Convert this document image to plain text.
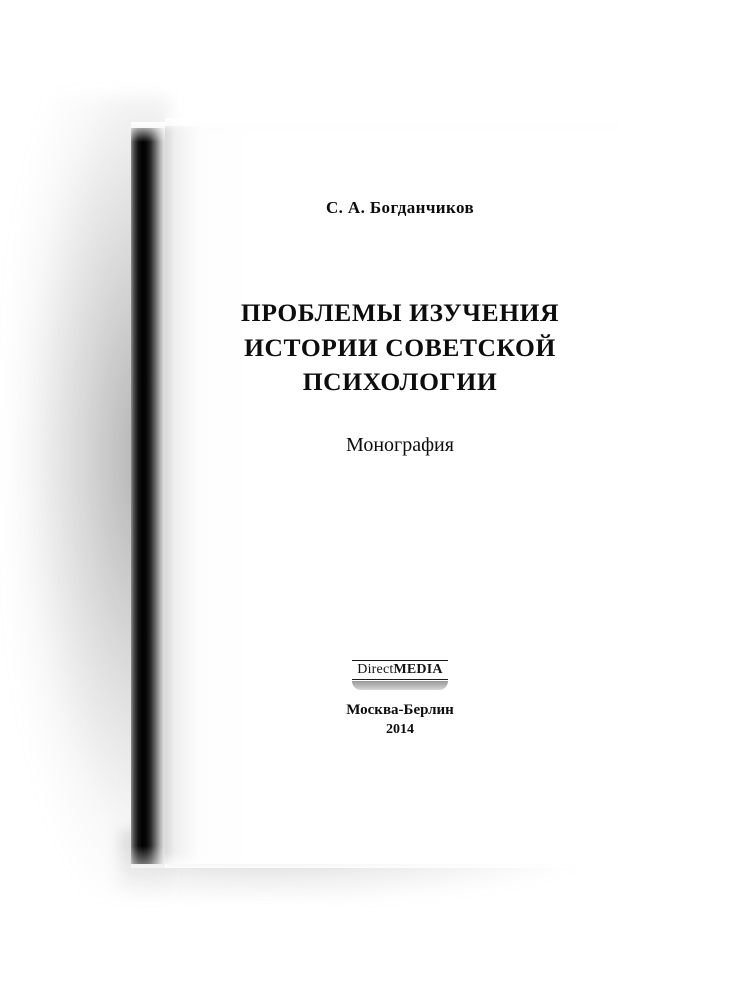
С. А. Богданчиков
ПРОБЛЕМЫ ИЗУЧЕНИЯ
ИСТОРИИ СОВЕТСКОЙ
ПСИХОЛОГИИ
Монография
DirectMEDIA
Москва-Берлин
2014
